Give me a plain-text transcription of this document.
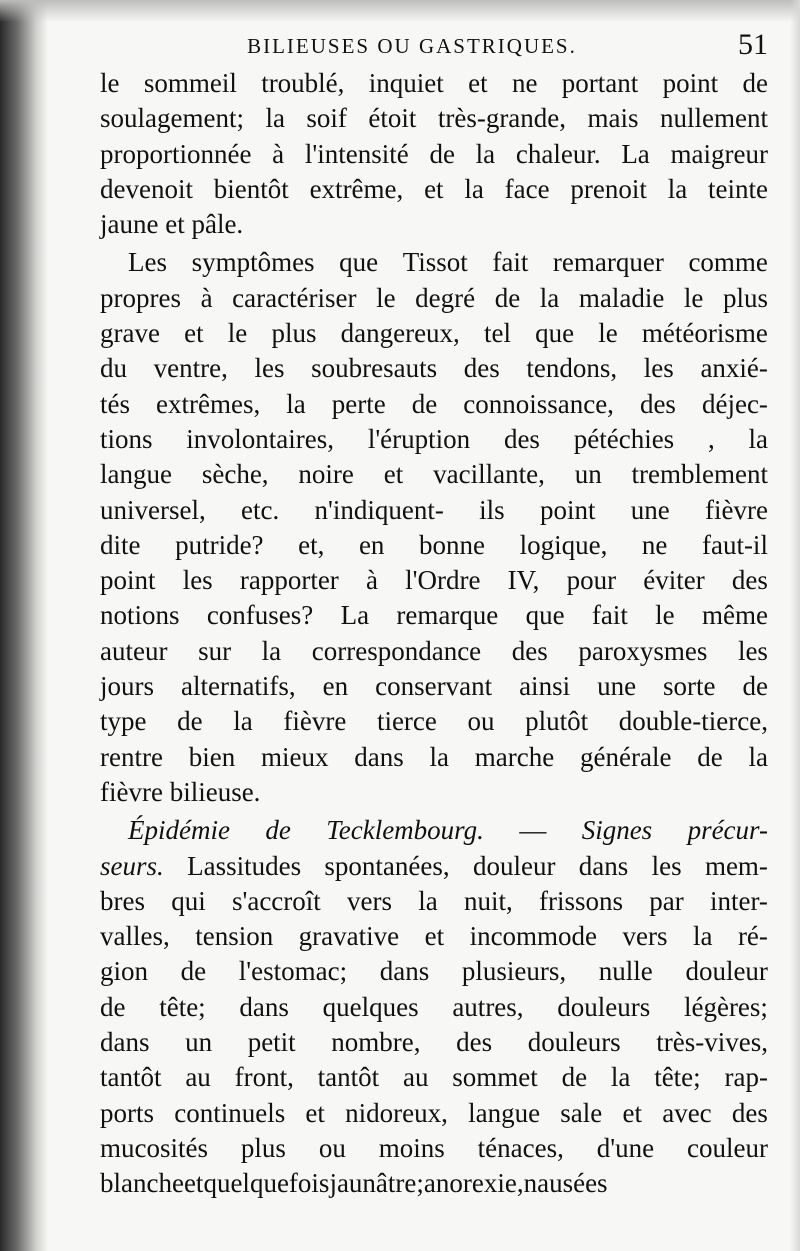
BILIEUSES OU GASTRIQUES.	51
le sommeil troublé, inquiet et ne portant point de
soulagement; la soif étoit très-grande, mais nullement
proportionnée à l'intensité de la chaleur. La maigreur
devenoit bientôt extrême, et la face prenoit la teinte
jaune et pâle.
Les symptômes que Tissot fait remarquer comme
propres à caractériser le degré de la maladie le plus
grave et le plus dangereux, tel que le météorisme
du ventre, les soubresauts des tendons, les anxié-
tés extrêmes, la perte de connoissance, des déjec-
tions involontaires, l'éruption des pétéchies , la
langue sèche, noire et vacillante, un tremblement
universel, etc. n'indiquent- ils point une fièvre
dite putride? et, en bonne logique, ne faut-il
point les rapporter à l'Ordre IV, pour éviter des
notions confuses? La remarque que fait le même
auteur sur la correspondance des paroxysmes les
jours alternatifs, en conservant ainsi une sorte de
type de la fièvre tierce ou plutôt double-tierce,
rentre bien mieux dans la marche générale de la
fièvre bilieuse.
Épidémie de Tecklembourg. — Signes précur-
seurs. Lassitudes spontanées, douleur dans les mem-
bres qui s'accroît vers la nuit, frissons par inter-
valles, tension gravative et incommode vers la ré-
gion de l'estomac; dans plusieurs, nulle douleur
de tête; dans quelques autres, douleurs légères;
dans un petit nombre, des douleurs très-vives,
tantôt au front, tantôt au sommet de la tête; rap-
ports continuels et nidoreux, langue sale et avec des
mucosités plus ou moins ténaces, d'une couleur
blanche et quelquefois jaunâtre; anorexie, nausées
